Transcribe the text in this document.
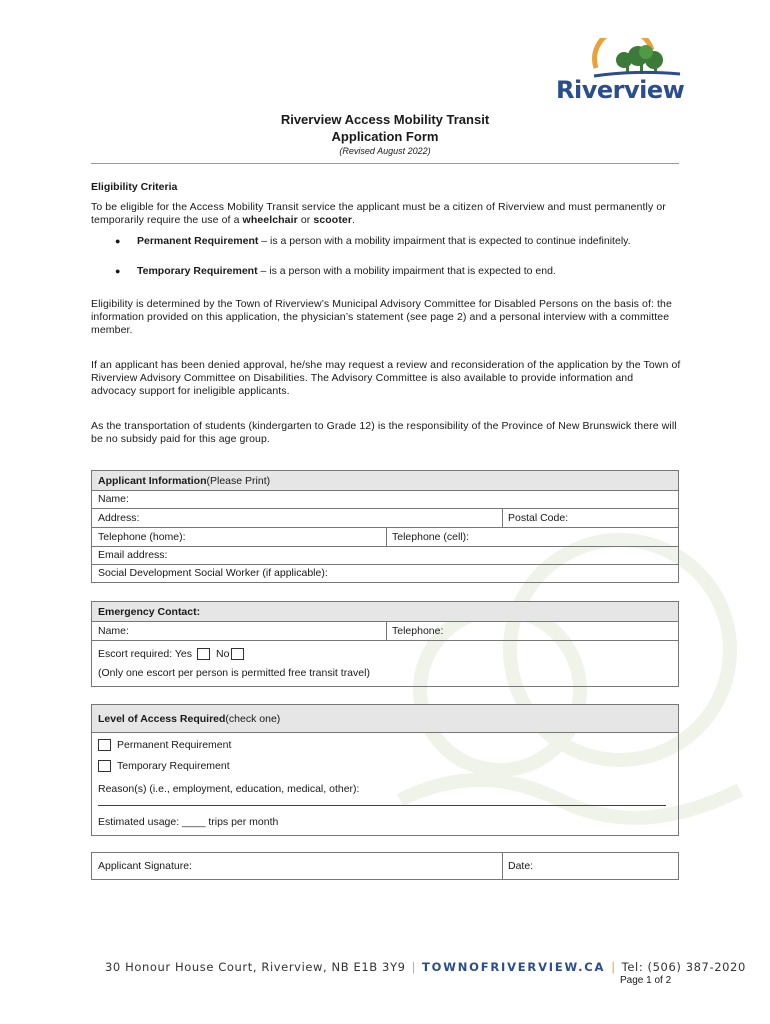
Riverview
Riverview Access Mobility Transit
Application Form
(Revised August 2022)
Eligibility Criteria
To be eligible for the Access Mobility Transit service the applicant must be a citizen of Riverview and must permanently or temporarily require the use of a wheelchair or scooter.
● Permanent Requirement – is a person with a mobility impairment that is expected to continue indefinitely.
● Temporary Requirement – is a person with a mobility impairment that is expected to end.
Eligibility is determined by the Town of Riverview’s Municipal Advisory Committee for Disabled Persons on the basis of: the information provided on this application, the physician’s statement (see page 2) and a personal interview with a committee member.
If an applicant has been denied approval, he/she may request a review and reconsideration of the application by the Town of Riverview Advisory Committee on Disabilities. The Advisory Committee is also available to provide information and advocacy support for ineligible applicants.
As the transportation of students (kindergarten to Grade 12) is the responsibility of the Province of New Brunswick there will be no subsidy paid for this age group.
Applicant Information (Please Print)
Name:
Address:	Postal Code:
Telephone (home):	Telephone (cell):
Email address:
Social Development Social Worker (if applicable):
Emergency Contact:
Name:	Telephone:
Escort required: Yes No
(Only one escort per person is permitted free transit travel)
Level of Access Required (check one)
Permanent Requirement
Temporary Requirement
Reason(s) (i.e., employment, education, medical, other):
Estimated usage: ____ trips per month
Applicant Signature:	Date:
30 Honour House Court, Riverview, NB E1B 3Y9 | TOWNOFRIVERVIEW.CA | Tel: (506) 387-2020
Page 1 of 2
